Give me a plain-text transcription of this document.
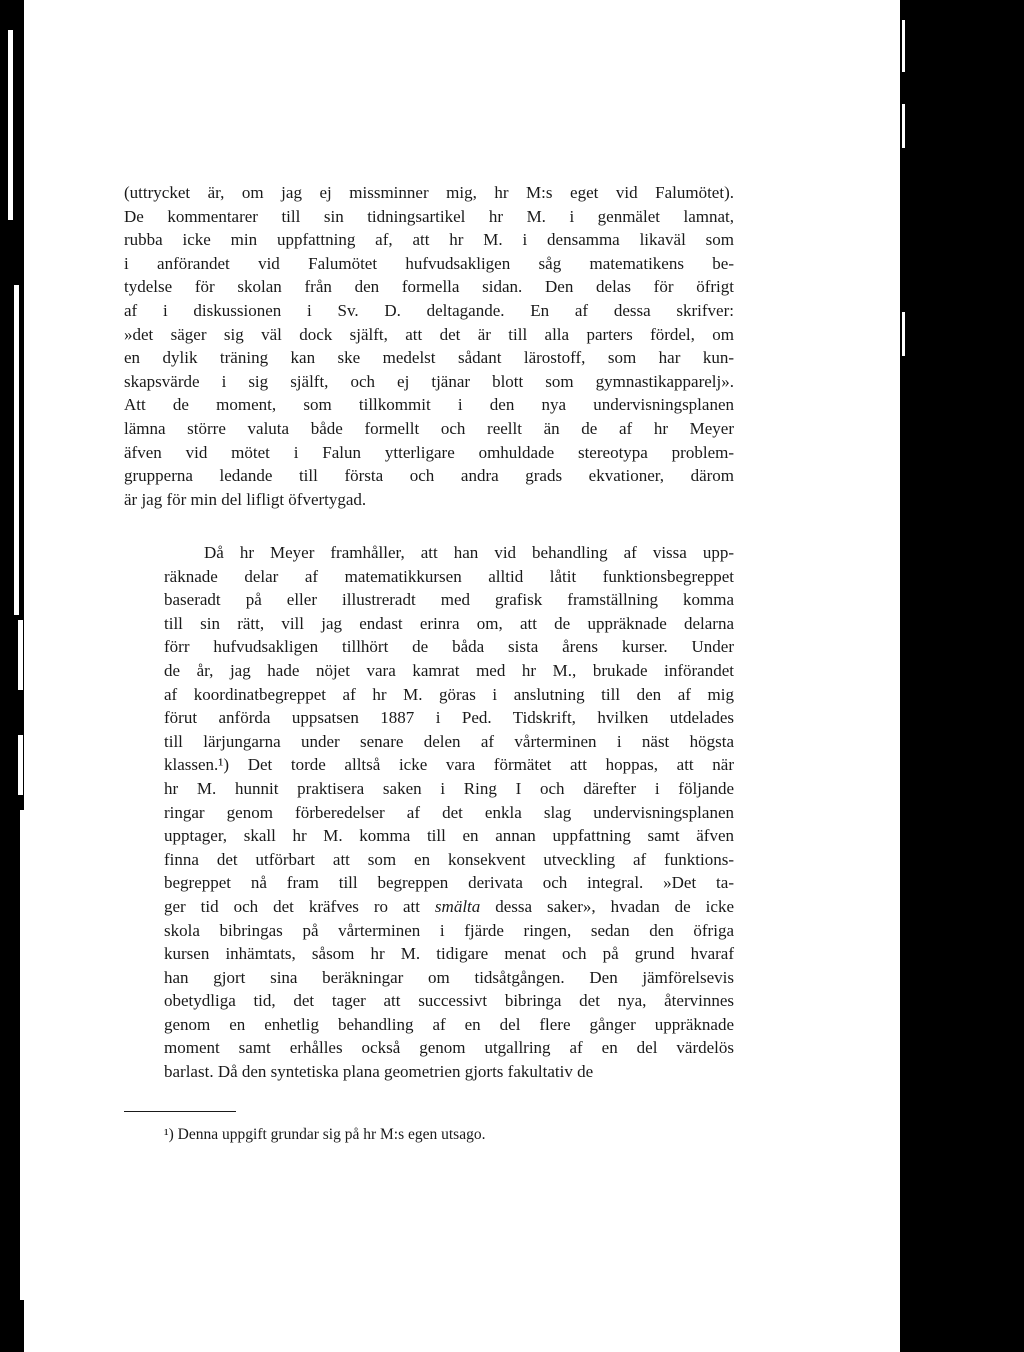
(uttrycket är, om jag ej missminner mig, hr M:s eget vid Falumötet).
De kommentarer till sin tidningsartikel hr M. i genmälet lamnat,
rubba icke min uppfattning af, att hr M. i densamma likaväl som
i anförandet vid Falumötet hufvudsakligen såg matematikens be-
tydelse för skolan från den formella sidan. Den delas för öfrigt
af i diskussionen i Sv. D. deltagande. En af dessa skrifver:
»det säger sig väl dock själft, att det är till alla parters fördel, om
en dylik träning kan ske medelst sådant lärostoff, som har kun-
skapsvärde i sig själft, och ej tjänar blott som gymnastikapparelj».
Att de moment, som tillkommit i den nya undervisningsplanen
lämna större valuta både formellt och reellt än de af hr Meyer
äfven vid mötet i Falun ytterligare omhuldade stereotypa problem-
grupperna ledande till första och andra grads ekvationer, därom
är jag för min del lifligt öfvertygad.
Då hr Meyer framhåller, att han vid behandling af vissa upp-
räknade delar af matematikkursen alltid låtit funktionsbegreppet
baseradt på eller illustreradt med grafisk framställning komma
till sin rätt, vill jag endast erinra om, att de uppräknade delarna
förr hufvudsakligen tillhört de båda sista årens kurser. Under
de år, jag hade nöjet vara kamrat med hr M., brukade införandet
af koordinatbegreppet af hr M. göras i anslutning till den af mig
förut anförda uppsatsen 1887 i Ped. Tidskrift, hvilken utdelades
till lärjungarna under senare delen af vårterminen i näst högsta
klassen.¹) Det torde alltså icke vara förmätet att hoppas, att när
hr M. hunnit praktisera saken i Ring I och därefter i följande
ringar genom förberedelser af det enkla slag undervisningsplanen
upptager, skall hr M. komma till en annan uppfattning samt äfven
finna det utförbart att som en konsekvent utveckling af funktions-
begreppet nå fram till begreppen derivata och integral. »Det ta-
ger tid och det kräfves ro att smälta dessa saker», hvadan de icke
skola bibringas på vårterminen i fjärde ringen, sedan den öfriga
kursen inhämtats, såsom hr M. tidigare menat och på grund hvaraf
han gjort sina beräkningar om tidsåtgången. Den jämförelsevis
obetydliga tid, det tager att successivt bibringa det nya, återvinnes
genom en enhetlig behandling af en del flere gånger uppräknade
moment samt erhålles också genom utgallring af en del värdelös
barlast. Då den syntetiska plana geometrien gjorts fakultativ de
¹) Denna uppgift grundar sig på hr M:s egen utsago.
